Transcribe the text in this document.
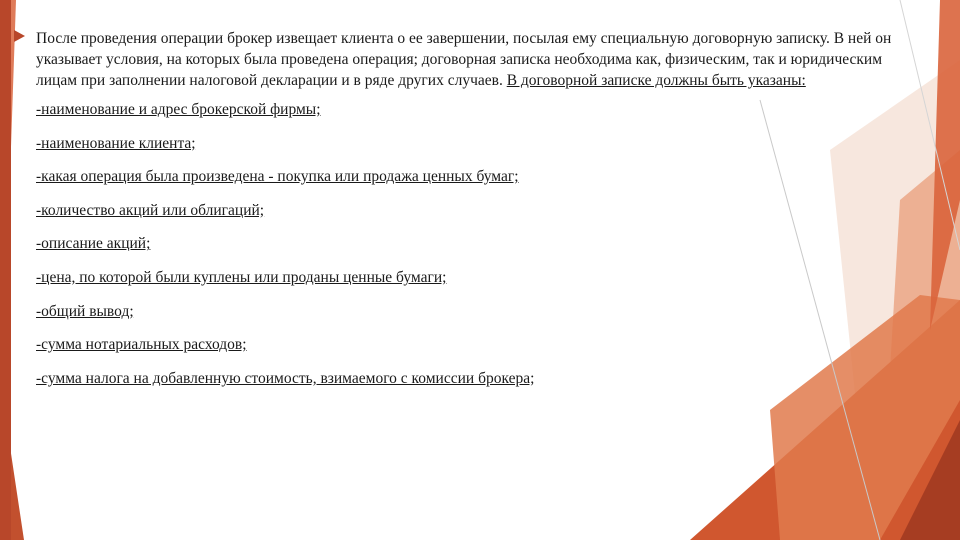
После проведения операции брокер извещает клиента о ее завершении, посылая ему специальную договорную записку. В ней он указывает условия, на которых была проведена операция; договорная записка необходима как, физическим, так и юридическим лицам при заполнении налоговой декларации и в ряде других случаев. В договорной записке должны быть указаны:

-наименование и адрес брокерской фирмы;
-наименование клиента;
-какая операция была произведена - покупка или продажа ценных бумаг;
-количество акций или облигаций;
-описание акций;
-цена, по которой были куплены или проданы ценные бумаги;
-общий вывод;
-сумма нотариальных расходов;
-сумма налога на добавленную стоимость, взимаемого с комиссии брокера;
